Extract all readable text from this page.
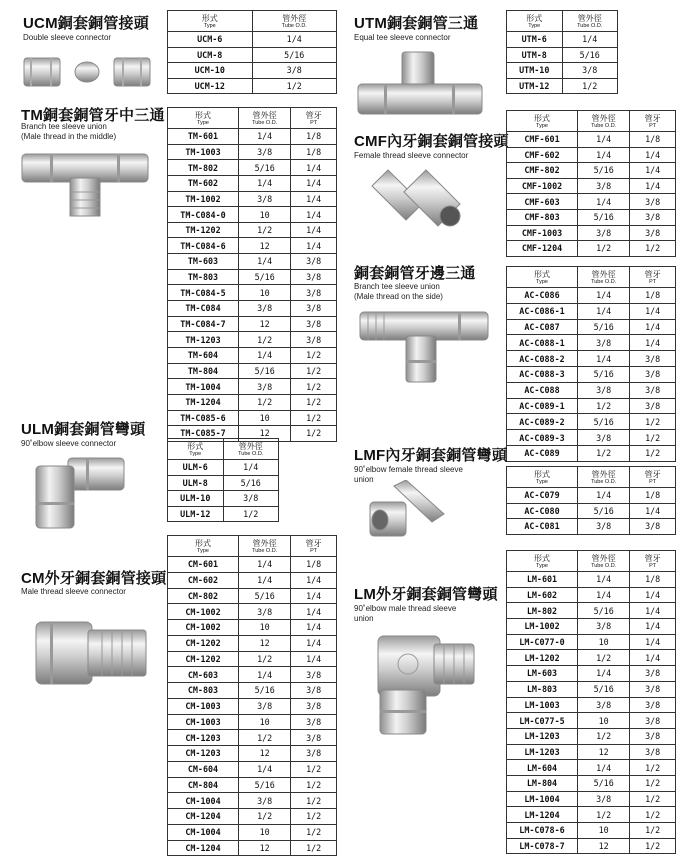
UCM銅套銅管接頭
Double sleeve connector
形式
Type	管外徑
Tube O.D.

UCM-6	1/4
UCM-8	5/16
UCM-10	3/8
UCM-12	1/2
TM銅套銅管牙中三通
Branch tee sleeve union
(Male thread in the middle)
形式
Type	管外徑
Tube O.D.	管牙
PT

TM-601	1/4	1/8
TM-1003	3/8	1/8
TM-802	5/16	1/4
TM-602	1/4	1/4
TM-1002	3/8	1/4
TM-C084-0	10	1/4
TM-1202	1/2	1/4
TM-C084-6	12	1/4
TM-603	1/4	3/8
TM-803	5/16	3/8
TM-C084-5	10	3/8
TM-C084	3/8	3/8
TM-C084-7	12	3/8
TM-1203	1/2	3/8
TM-604	1/4	1/2
TM-804	5/16	1/2
TM-1004	3/8	1/2
TM-1204	1/2	1/2
TM-C085-6	10	1/2
TM-C085-7	12	1/2
ULM銅套銅管彎頭
90˚elbow sleeve connector	形式
Type	管外徑
Tube O.D.

ULM-6	1/4
ULM-8	5/16
ULM-10	3/8
ULM-12	1/2
CM外牙銅套銅管接頭
Male thread sleeve connector
形式
Type	管外徑
Tube O.D.	管牙
PT

CM-601	1/4	1/8
CM-602	1/4	1/4
CM-802	5/16	1/4
CM-1002	3/8	1/4
CM-1002	10	1/4
CM-1202	12	1/4
CM-1202	1/2	1/4
CM-603	1/4	3/8
CM-803	5/16	3/8
CM-1003	3/8	3/8
CM-1003	10	3/8
CM-1203	1/2	3/8
CM-1203	12	3/8
CM-604	1/4	1/2
CM-804	5/16	1/2
CM-1004	3/8	1/2
CM-1204	1/2	1/2
CM-1004	10	1/2
CM-1204	12	1/2
UTM銅套銅管三通
Equal tee sleeve connector
形式
Type	管外徑
Tube O.D.

UTM-6	1/4
UTM-8	5/16
UTM-10	3/8
UTM-12	1/2
CMF內牙銅套銅管接頭
Female thread sleeve connector
形式
Type	管外徑
Tube O.D.	管牙
PT

CMF-601	1/4	1/8
CMF-602	1/4	1/4
CMF-802	5/16	1/4
CMF-1002	3/8	1/4
CMF-603	1/4	3/8
CMF-803	5/16	3/8
CMF-1003	3/8	3/8
CMF-1204	1/2	1/2
銅套銅管牙邊三通
Branch tee sleeve union
(Male thread on the side)
形式
Type	管外徑
Tube O.D.	管牙
PT

AC-C086	1/4	1/8
AC-C086-1	1/4	1/4
AC-C087	5/16	1/4
AC-C088-1	3/8	1/4
AC-C088-2	1/4	3/8
AC-C088-3	5/16	3/8
AC-C088	3/8	3/8
AC-C089-1	1/2	3/8
AC-C089-2	5/16	1/2
AC-C089-3	3/8	1/2
AC-C089	1/2	1/2
LMF內牙銅套銅管彎頭
90˚elbow female thread sleeve
union
形式
Type	管外徑
Tube O.D.	管牙
PT

AC-C079	1/4	1/8
AC-C080	5/16	1/4
AC-C081	3/8	3/8
LM外牙銅套銅管彎頭
90˚elbow male thread sleeve
union
形式
Type	管外徑
Tube O.D.	管牙
PT

LM-601	1/4	1/8
LM-602	1/4	1/4
LM-802	5/16	1/4
LM-1002	3/8	1/4
LM-C077-0	10	1/4
LM-1202	1/2	1/4
LM-603	1/4	3/8
LM-803	5/16	3/8
LM-1003	3/8	3/8
LM-C077-5	10	3/8
LM-1203	1/2	3/8
LM-1203	12	3/8
LM-604	1/4	1/2
LM-804	5/16	1/2
LM-1004	3/8	1/2
LM-1204	1/2	1/2
LM-C078-6	10	1/2
LM-C078-7	12	1/2
